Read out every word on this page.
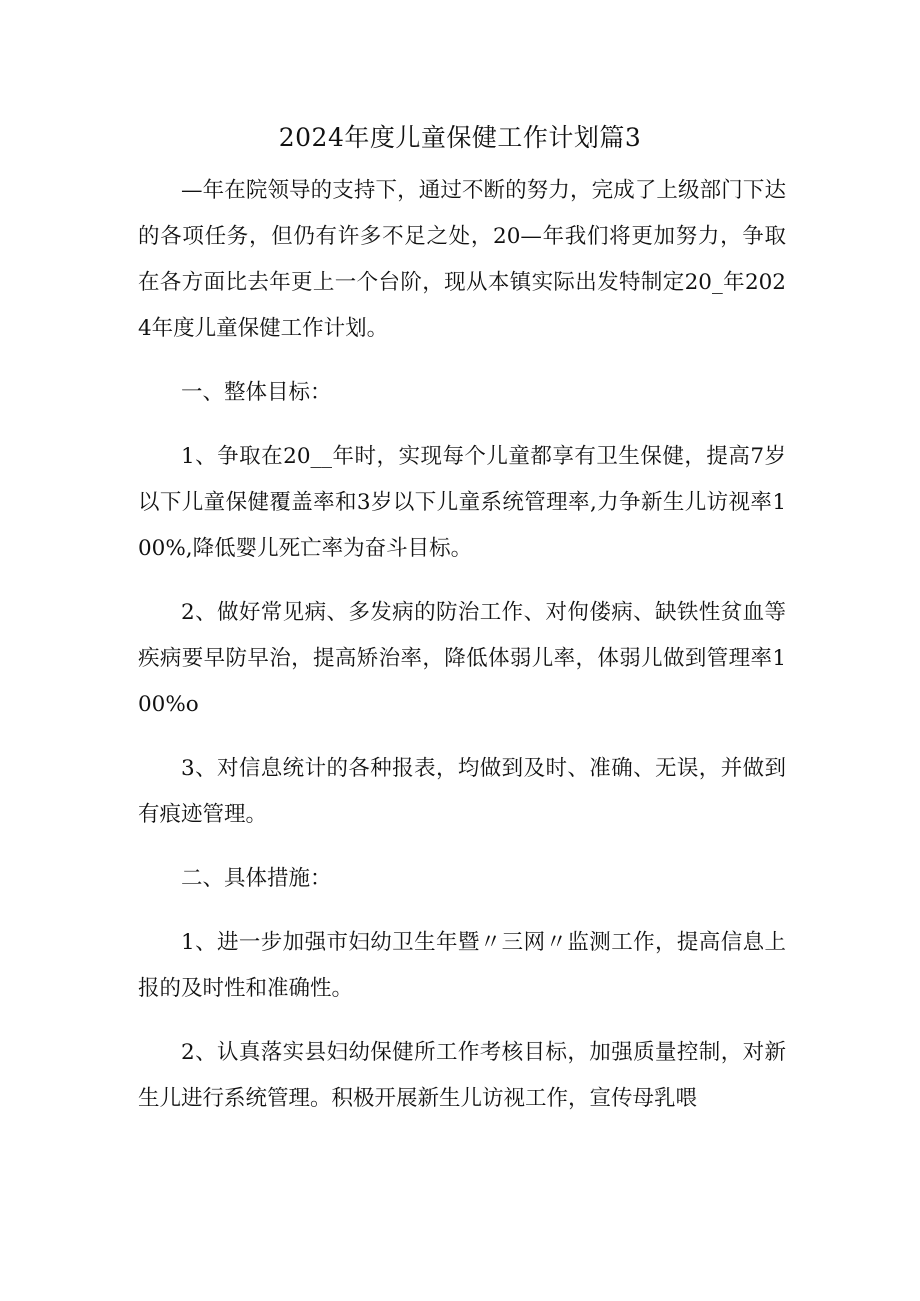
2024年度儿童保健工作计划篇3

—年在院领导的支持下，通过不断的努力，完成了上级部门下达的各项任务，但仍有许多不足之处，20—年我们将更加努力，争取在各方面比去年更上一个台阶，现从本镇实际出发特制定20_年2024年度儿童保健工作计划。

一、整体目标：

1、争取在20__年时，实现每个儿童都享有卫生保健，提高7岁以下儿童保健覆盖率和3岁以下儿童系统管理率,力争新生儿访视率100%,降低婴儿死亡率为奋斗目标。

2、做好常见病、多发病的防治工作、对佝偻病、缺铁性贫血等疾病要早防早治，提高矫治率，降低体弱儿率，体弱儿做到管理率100%o

3、对信息统计的各种报表，均做到及时、准确、无误，并做到有痕迹管理。

二、具体措施：

1、进一步加强市妇幼卫生年暨〃三网〃监测工作，提高信息上报的及时性和准确性。

2、认真落实县妇幼保健所工作考核目标，加强质量控制，对新生儿进行系统管理。积极开展新生儿访视工作，宣传母乳喂
